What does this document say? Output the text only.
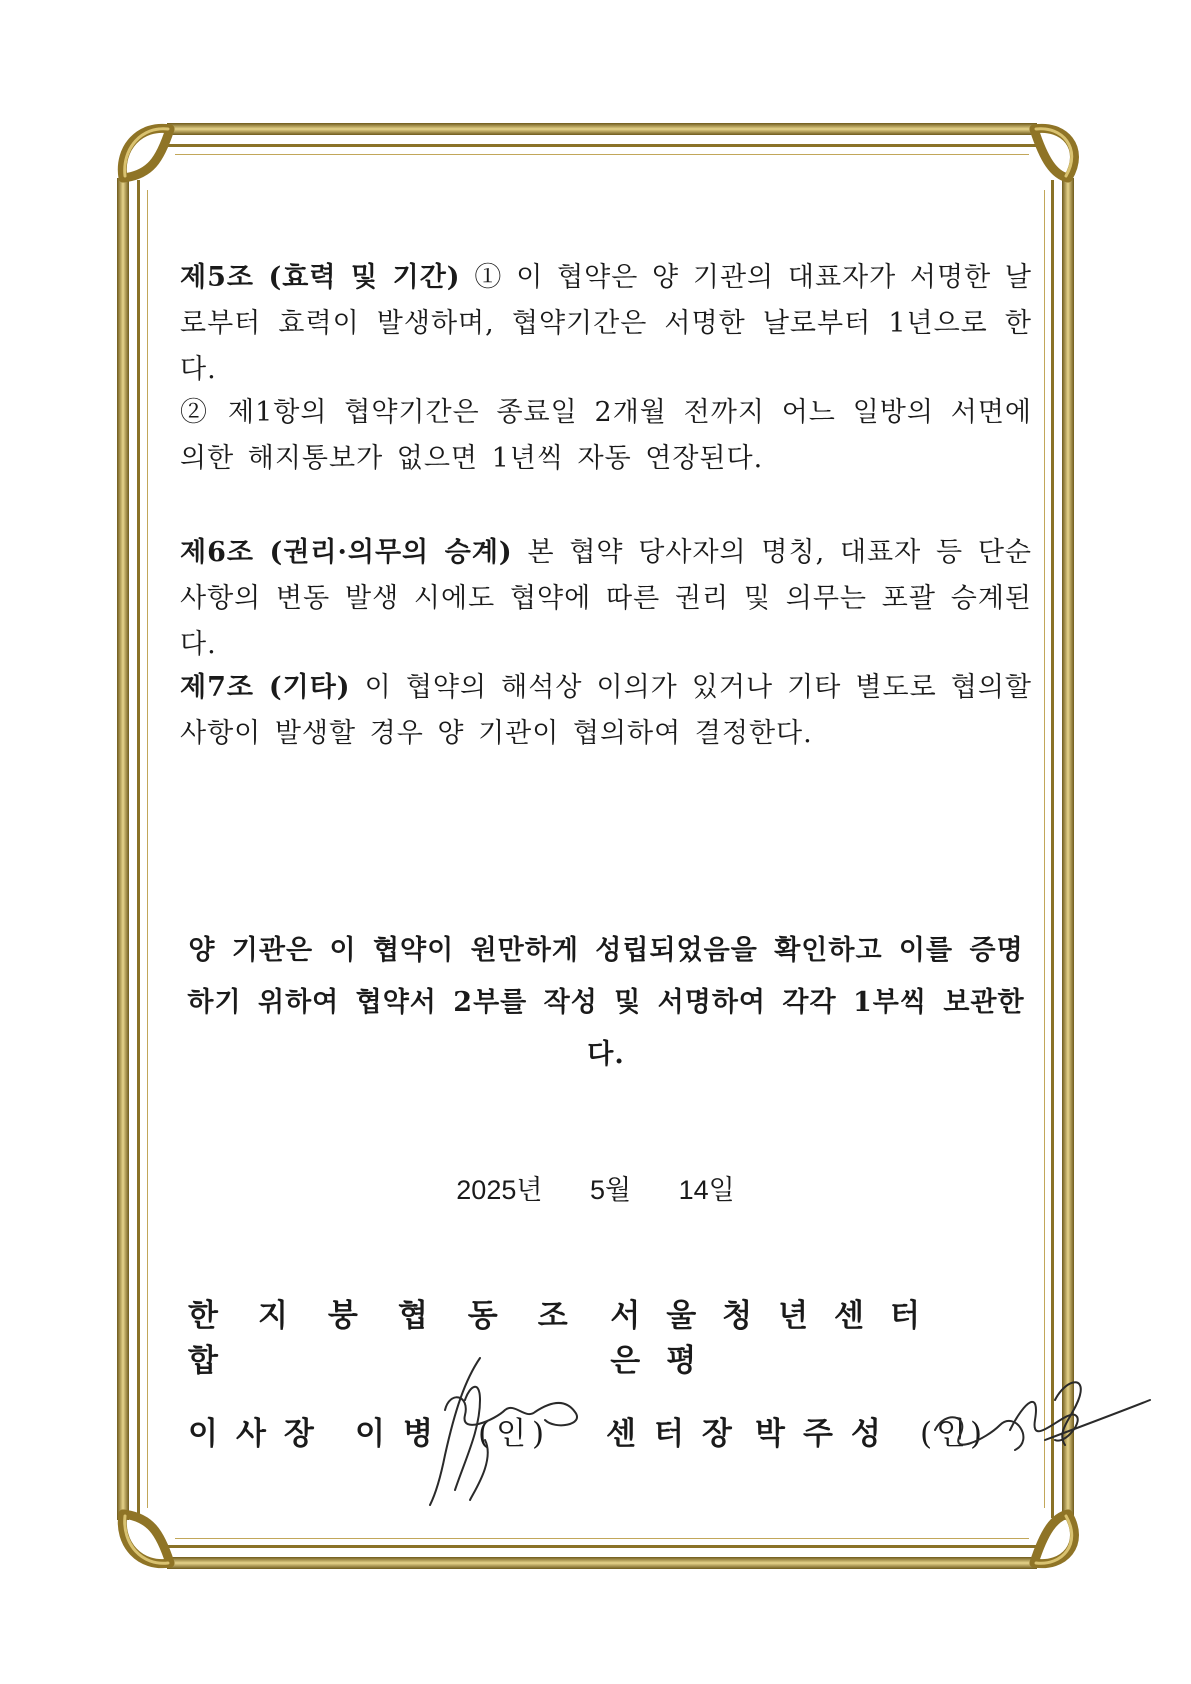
제5조 (효력 및 기간) ① 이 협약은 양 기관의 대표자가 서명한 날로부터 효력이 발생하며, 협약기간은 서명한 날로부터 1년으로 한다.
② 제1항의 협약기간은 종료일 2개월 전까지 어느 일방의 서면에 의한 해지통보가 없으면 1년씩 자동 연장된다.
제6조 (권리·의무의 승계) 본 협약 당사자의 명칭, 대표자 등 단순 사항의 변동 발생 시에도 협약에 따른 권리 및 의무는 포괄 승계된다.
제7조 (기타) 이 협약의 해석상 이의가 있거나 기타 별도로 협의할 사항이 발생할 경우 양 기관이 협의하여 결정한다.
양 기관은 이 협약이 원만하게 성립되었음을 확인하고 이를 증명하기 위하여 협약서 2부를 작성 및 서명하여 각각 1부씩 보관한다.
2025년 5월 14일
한지붕협동조합
서울청년센터 은평
이사장 이병 (인) 센터장 박주성 (인)
